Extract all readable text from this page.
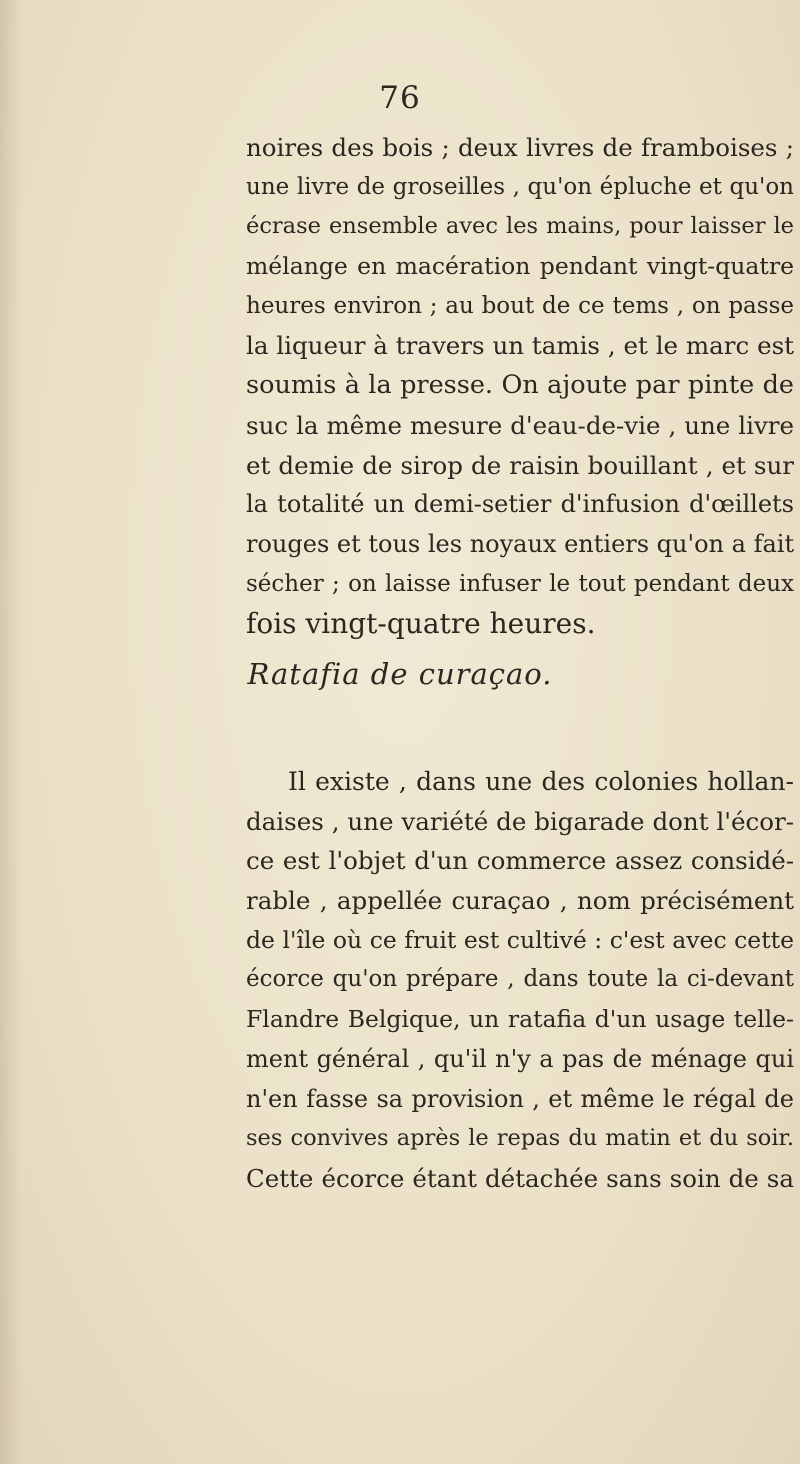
76
noires des bois ; deux livres de framboises ;
une livre de groseilles , qu'on épluche et qu'on
écrase ensemble avec les mains, pour laisser le
mélange en macération pendant vingt-quatre
heures environ ; au bout de ce tems , on passe
la liqueur à travers un tamis , et le marc est
soumis à la presse. On ajoute par pinte de
suc la même mesure d'eau-de-vie , une livre
et demie de sirop de raisin bouillant , et sur
la totalité un demi-setier d'infusion d'œillets
rouges et tous les noyaux entiers qu'on a fait
sécher ; on laisse infuser le tout pendant deux
fois vingt-quatre heures.
Ratafia de curaçao.
Il existe , dans une des colonies hollan-
daises , une variété de bigarade dont l'écor-
ce est l'objet d'un commerce assez considé-
rable , appellée curaçao , nom précisément
de l'île où ce fruit est cultivé : c'est avec cette
écorce qu'on prépare , dans toute la ci-devant
Flandre Belgique, un ratafia d'un usage telle-
ment général , qu'il n'y a pas de ménage qui
n'en fasse sa provision , et même le régal de
ses convives après le repas du matin et du soir.
Cette écorce étant détachée sans soin de sa
